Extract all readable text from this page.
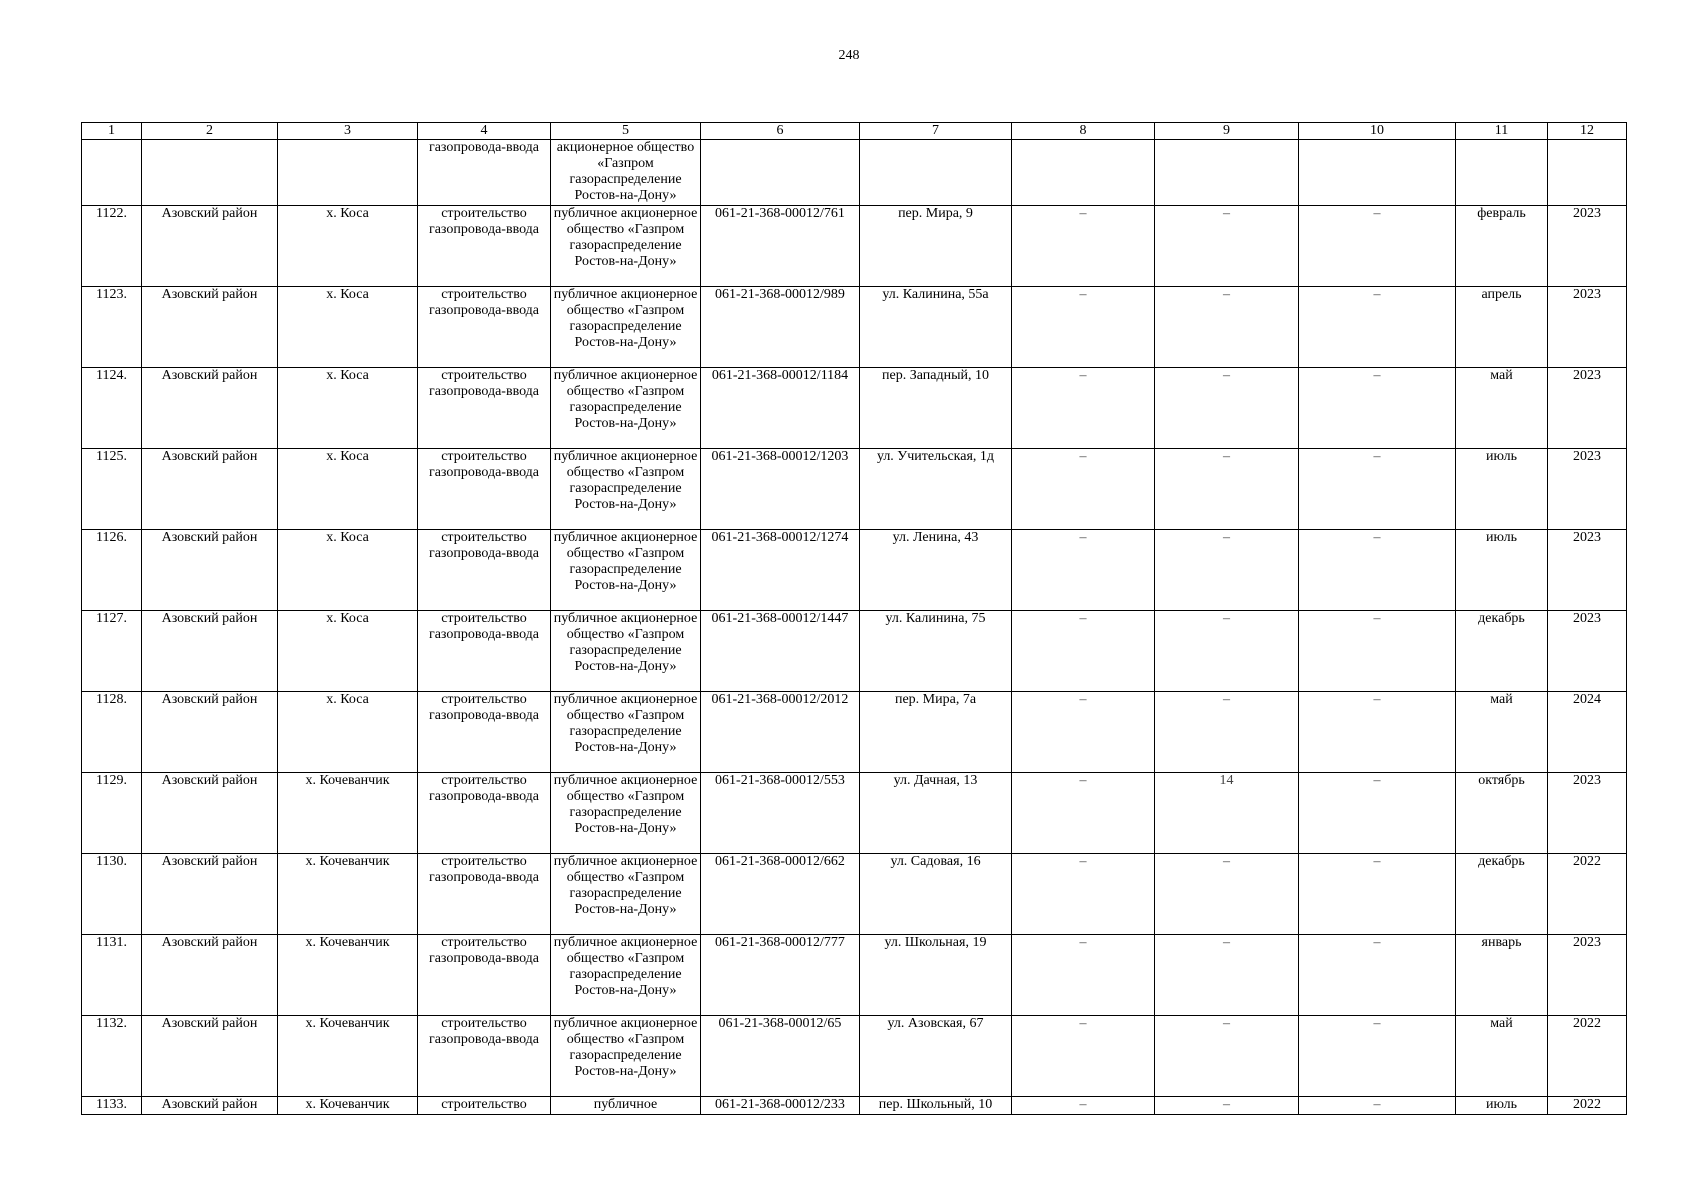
248
1	2	3	4	5	6	7	8	9	10	11	12
			газопровода-ввода	акционерное общество «Газпром газораспределение Ростов-на-Дону»							
1122.	Азовский район	х. Коса	строительство газопровода-ввода	публичное акционерное общество «Газпром газораспределение Ростов-на-Дону»	061-21-368-00012/761	пер. Мира, 9	–	–	–	февраль	2023
1123.	Азовский район	х. Коса	строительство газопровода-ввода	публичное акционерное общество «Газпром газораспределение Ростов-на-Дону»	061-21-368-00012/989	ул. Калинина, 55а	–	–	–	апрель	2023
1124.	Азовский район	х. Коса	строительство газопровода-ввода	публичное акционерное общество «Газпром газораспределение Ростов-на-Дону»	061-21-368-00012/1184	пер. Западный, 10	–	–	–	май	2023
1125.	Азовский район	х. Коса	строительство газопровода-ввода	публичное акционерное общество «Газпром газораспределение Ростов-на-Дону»	061-21-368-00012/1203	ул. Учительская, 1д	–	–	–	июль	2023
1126.	Азовский район	х. Коса	строительство газопровода-ввода	публичное акционерное общество «Газпром газораспределение Ростов-на-Дону»	061-21-368-00012/1274	ул. Ленина, 43	–	–	–	июль	2023
1127.	Азовский район	х. Коса	строительство газопровода-ввода	публичное акционерное общество «Газпром газораспределение Ростов-на-Дону»	061-21-368-00012/1447	ул. Калинина, 75	–	–	–	декабрь	2023
1128.	Азовский район	х. Коса	строительство газопровода-ввода	публичное акционерное общество «Газпром газораспределение Ростов-на-Дону»	061-21-368-00012/2012	пер. Мира, 7а	–	–	–	май	2024
1129.	Азовский район	х. Кочеванчик	строительство газопровода-ввода	публичное акционерное общество «Газпром газораспределение Ростов-на-Дону»	061-21-368-00012/553	ул. Дачная, 13	–	14	–	октябрь	2023
1130.	Азовский район	х. Кочеванчик	строительство газопровода-ввода	публичное акционерное общество «Газпром газораспределение Ростов-на-Дону»	061-21-368-00012/662	ул. Садовая, 16	–	–	–	декабрь	2022
1131.	Азовский район	х. Кочеванчик	строительство газопровода-ввода	публичное акционерное общество «Газпром газораспределение Ростов-на-Дону»	061-21-368-00012/777	ул. Школьная, 19	–	–	–	январь	2023
1132.	Азовский район	х. Кочеванчик	строительство газопровода-ввода	публичное акционерное общество «Газпром газораспределение Ростов-на-Дону»	061-21-368-00012/65	ул. Азовская, 67	–	–	–	май	2022
1133.	Азовский район	х. Кочеванчик	строительство	публичное	061-21-368-00012/233	пер. Школьный, 10	–	–	–	июль	2022
